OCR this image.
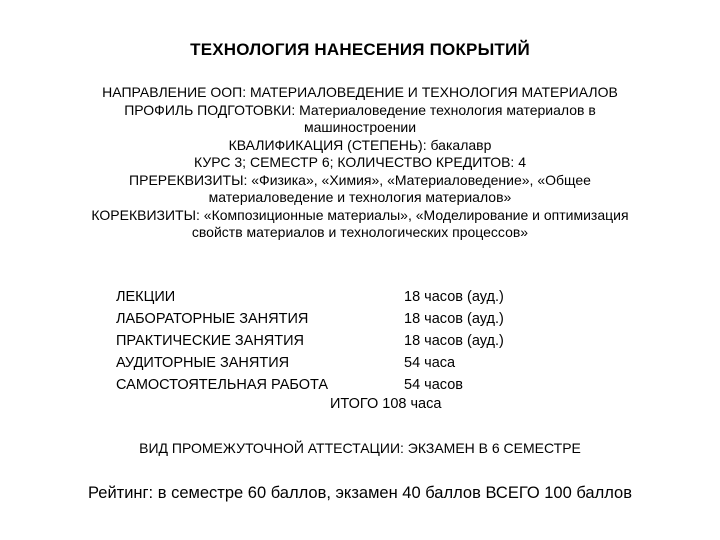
ТЕХНОЛОГИЯ НАНЕСЕНИЯ ПОКРЫТИЙ
НАПРАВЛЕНИЕ ООП: МАТЕРИАЛОВЕДЕНИЕ И ТЕХНОЛОГИЯ МАТЕРИАЛОВ
ПРОФИЛЬ ПОДГОТОВКИ: Материаловедение технология материалов в машиностроении
КВАЛИФИКАЦИЯ (СТЕПЕНЬ): бакалавр
КУРС 3; СЕМЕСТР 6; КОЛИЧЕСТВО КРЕДИТОВ: 4
ПРЕРЕКВИЗИТЫ: «Физика», «Химия», «Материаловедение», «Общее материаловедение и технология материалов»
КОРЕКВИЗИТЫ: «Композиционные материалы», «Моделирование и оптимизация свойств материалов и технологических процессов»
ЛЕКЦИИ	18 часов (ауд.)
ЛАБОРАТОРНЫЕ ЗАНЯТИЯ	18 часов (ауд.)
ПРАКТИЧЕСКИЕ ЗАНЯТИЯ	18 часов (ауд.)
АУДИТОРНЫЕ ЗАНЯТИЯ	54 часа
САМОСТОЯТЕЛЬНАЯ РАБОТА	54 часов
ИТОГО 108 часа
ВИД ПРОМЕЖУТОЧНОЙ АТТЕСТАЦИИ: ЭКЗАМЕН В 6 СЕМЕСТРЕ
Рейтинг: в семестре 60 баллов, экзамен 40 баллов ВСЕГО 100 баллов
